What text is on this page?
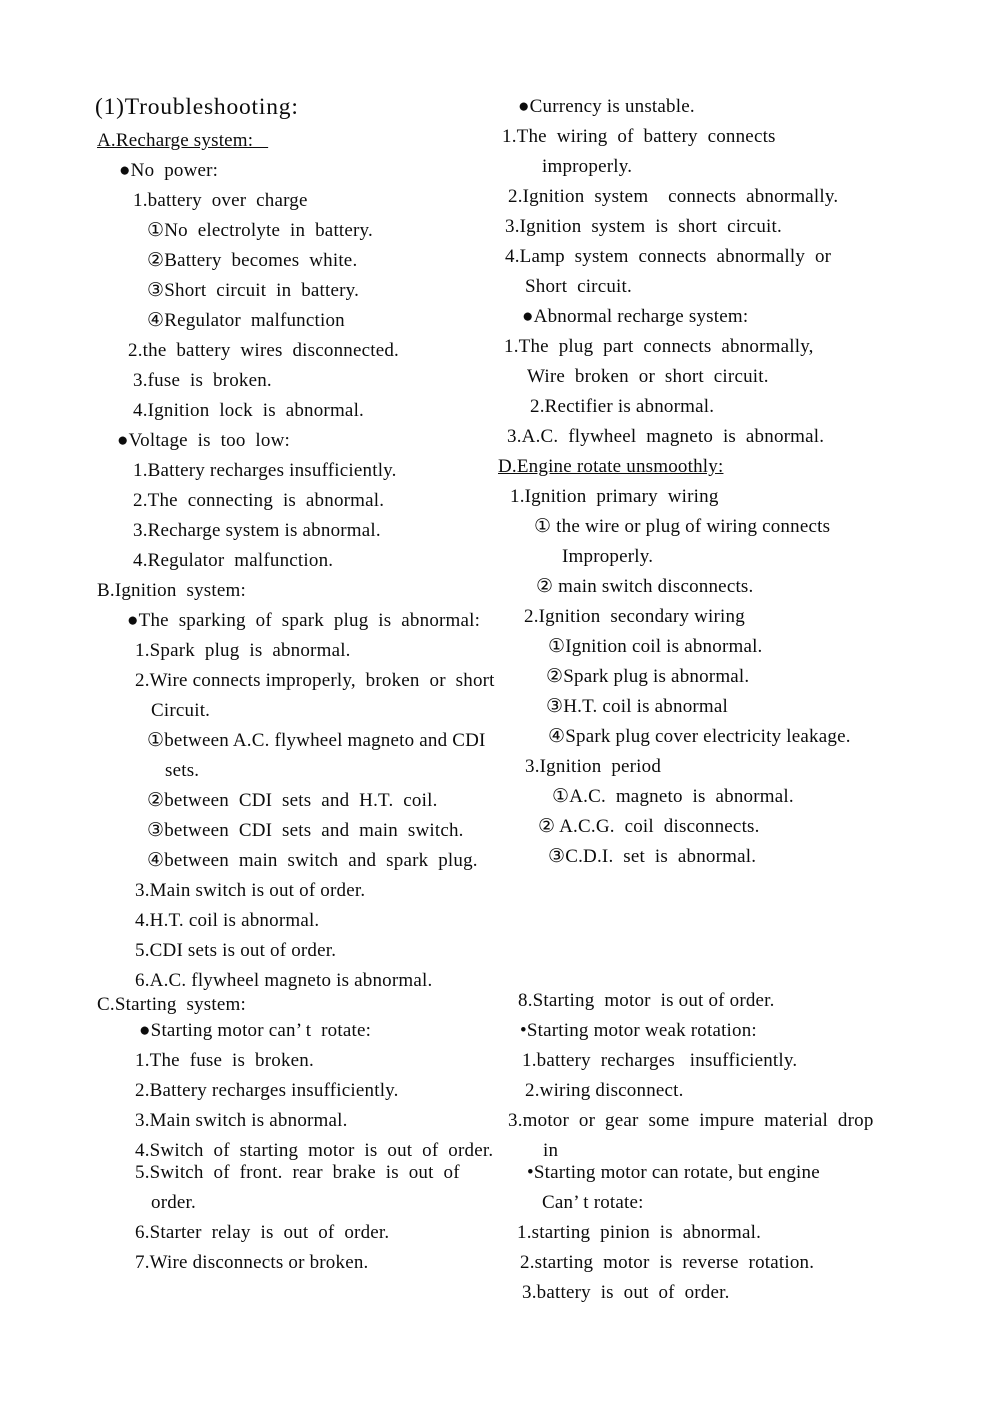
(1)Troubleshooting:
A.Recharge system:
●No  power:
1.battery  over  charge
①No  electrolyte  in  battery.
②Battery  becomes  white.
③Short  circuit  in  battery.
④Regulator  malfunction
2.the  battery  wires  disconnected.
3.fuse  is  broken.
4.Ignition  lock  is  abnormal.
●Voltage  is  too  low:
1.Battery recharges insufficiently.
2.The  connecting  is  abnormal.
3.Recharge system is abnormal.
4.Regulator  malfunction.
B.Ignition  system:
●The  sparking  of  spark  plug  is  abnormal:
1.Spark  plug  is  abnormal.
2.Wire connects improperly,  broken  or  short
Circuit.
①between A.C. flywheel magneto and CDI
sets.
②between  CDI  sets  and  H.T.  coil.
③between  CDI  sets  and  main  switch.
④between  main  switch  and  spark  plug.
3.Main switch is out of order.
4.H.T. coil is abnormal.
5.CDI sets is out of order.
6.A.C. flywheel magneto is abnormal.
C.Starting  system:
●Starting motor can’ t  rotate:
1.The  fuse  is  broken.
2.Battery recharges insufficiently.
3.Main switch is abnormal.
4.Switch  of  starting  motor  is  out  of  order.
5.Switch  of  front.  rear  brake  is  out  of
order.
6.Starter  relay  is  out  of  order.
7.Wire disconnects or broken.
●Currency is unstable.
1.The  wiring  of  battery  connects
improperly.
2.Ignition  system    connects  abnormally.
3.Ignition  system  is  short  circuit.
4.Lamp  system  connects  abnormally  or
Short  circuit.
●Abnormal recharge system:
1.The  plug  part  connects  abnormally,
Wire  broken  or  short  circuit.
2.Rectifier is abnormal.
3.A.C.  flywheel  magneto  is  abnormal.
D.Engine rotate unsmoothly:
1.Ignition  primary  wiring
① the wire or plug of wiring connects
Improperly.
② main switch disconnects.
2.Ignition  secondary wiring
①Ignition coil is abnormal.
②Spark plug is abnormal.
③H.T. coil is abnormal
④Spark plug cover electricity leakage.
3.Ignition  period
①A.C.  magneto  is  abnormal.
② A.C.G.  coil  disconnects.
③C.D.I.  set  is  abnormal.
8.Starting  motor  is out of order.
•Starting motor weak rotation:
1.battery  recharges   insufficiently.
2.wiring disconnect.
3.motor  or  gear  some  impure  material  drop
in
•Starting motor can rotate, but engine
Can’ t rotate:
1.starting  pinion  is  abnormal.
2.starting  motor  is  reverse  rotation.
3.battery  is  out  of  order.
